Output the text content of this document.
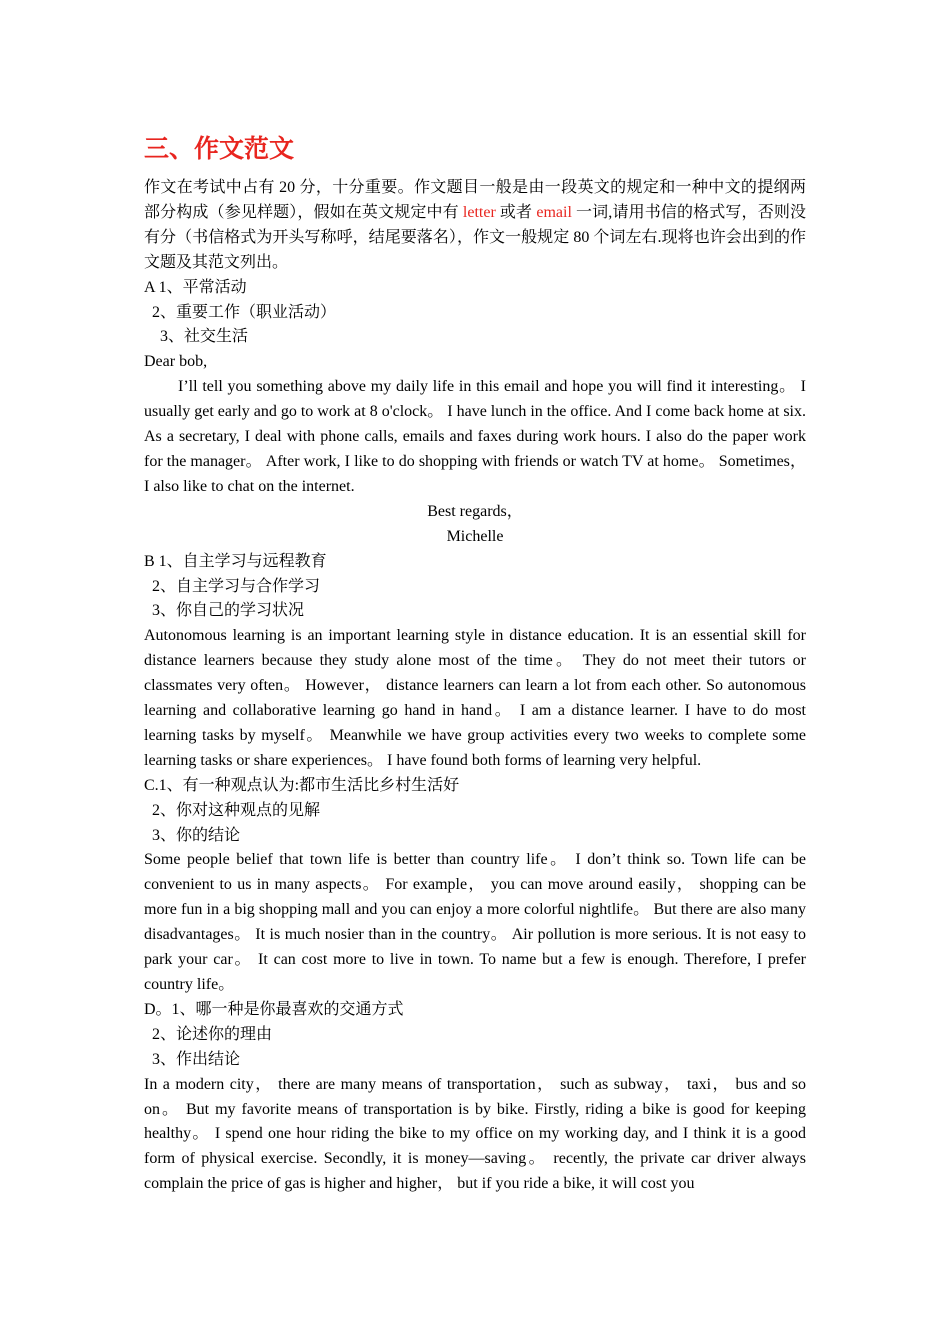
三、作文范文

作文在考试中占有 20 分，十分重要。作文题目一般是由一段英文的规定和一种中文的提纲两部分构成（参见样题），假如在英文规定中有 letter 或者 email 一词,请用书信的格式写，否则没有分（书信格式为开头写称呼，结尾要落名），作文一般规定 80 个词左右.现将也许会出到的作文题及其范文列出。

A 1、平常活动

2、重要工作（职业活动）

3、社交生活

Dear bob,

I’ll tell you something above my daily life in this email and hope you will find it interesting。 I usually get early and go to work at 8 o'clock。 I have lunch in the office. And I come back home at six. As a secretary, I deal with phone calls, emails and faxes during work hours. I also do the paper work for the manager。 After work, I like to do shopping with friends or watch TV at home。 Sometimes， I also like to chat on the internet.

Best regards，

Michelle

B 1、自主学习与远程教育

2、自主学习与合作学习

3、你自己的学习状况

Autonomous learning is an important learning style in distance education. It is an essential skill for distance learners because they study alone most of the time。 They do not meet their tutors or classmates very often。 However， distance learners can learn a lot from each other. So autonomous learning and collaborative learning go hand in hand。 I am a distance learner. I have to do most learning tasks by myself。 Meanwhile we have group activities every two weeks to complete some learning tasks or share experiences。 I have found both forms of learning very helpful.

C.1、有一种观点认为:都市生活比乡村生活好

2、你对这种观点的见解

3、你的结论

Some people belief that town life is better than country life。 I don’t think so. Town life can be convenient to us in many aspects。 For example， you can move around easily， shopping can be more fun in a big shopping mall and you can enjoy a more colorful nightlife。 But there are also many disadvantages。 It is much nosier than in the country。 Air pollution is more serious. It is not easy to park your car。 It can cost more to live in town. To name but a few is enough. Therefore, I prefer country life。

D。1、哪一种是你最喜欢的交通方式

2、论述你的理由

3、作出结论

In a modern city， there are many means of transportation， such as subway， taxi， bus and so on。 But my favorite means of transportation is by bike. Firstly, riding a bike is good for keeping healthy。 I spend one hour riding the bike to my office on my working day, and I think it is a good form of physical exercise. Secondly, it is money—saving。 recently, the private car driver always complain the price of gas is higher and higher， but if you ride a bike, it will cost you
